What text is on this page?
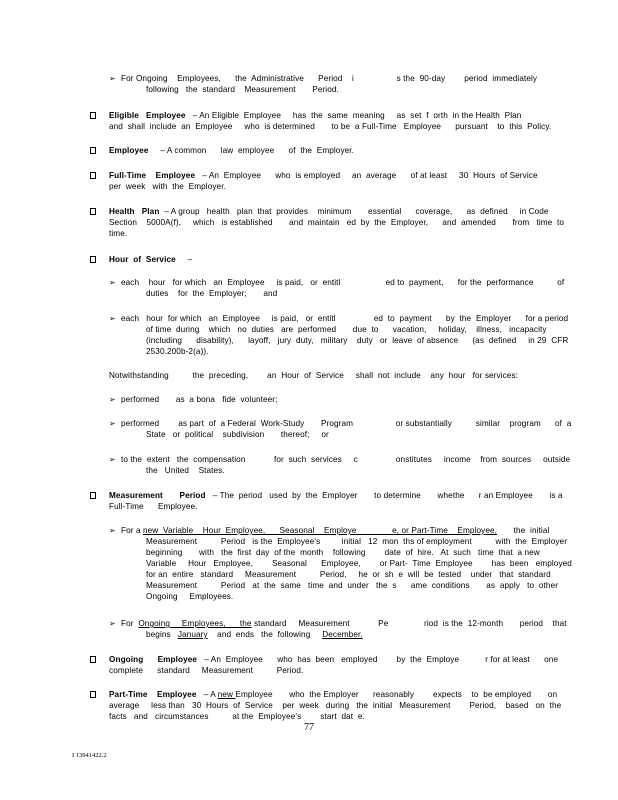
➢ For Ongoing    Employees,      the  Administrative      Period    i                  s the  90-day        period  immediately
following   the  standard    Measurement       Period.
Eligible   Employee – An Eligible  Employee     has  the  same  meaning     as  set  f  orth  in the Health  Plan
and  shall  include  an  Employee     who  is determined       to be  a Full-Time   Employee      pursuant    to  this  Policy.
Employee – A common      law  employee      of  the  Employer.
Full-Time    Employee – An  Employee      who  is employed     an  average      of at least     30  Hours  of Service
per  week   with  the  Employer.
Health   Plan – A group   health   plan  that  provides    minimum       essential      coverage,      as  defined     in Code
Section    5000A(f),     which   is established       and  maintain   ed  by  the  Employer,      and  amended       from   time  to
time.
Hour  of  Service –
➢ each    hour   for which   an  Employee     is paid,   or  entitl                   ed to  payment,      for the  performance          of
duties    for  the  Employer;       and
➢ each   hour  for which   an  Employee     is paid,   or  entitl                ed  to  payment      by  the  Employer      for a period
of time  during    which   no  duties   are  performed       due  to      vacation,     holiday,    illness,   incapacity
(including      disability),      layoff,   jury  duty,   military    duty   or  leave  of absence      (as  defined     in 29  CFR
2530.200b-2(a)).
Notwithstanding          the  preceding,        an  Hour  of  Service     shall  not  include    any  hour   for services:
➢ performed       as  a bona   fide  volunteer;
➢ performed        as part  of  a Federal  Work-Study       Program                  or substantially          similar    program      of  a
State   or  political    subdivision       thereof;     or
➢ to the  extent   the  compensation            for  such  services     c                onstitutes     income    from  sources     outside
the   United    States.
Measurement       Period – The  period   used  by  the  Employer       to determine       whethe      r an Employee       is a
Full-Time      Employee.
➢ For a new  Variable    Hour  Employee,      Seasonal    Employe               e, or Part-Time    Employee,       the  initial
Measurement          Period   is the  Employee's         initial   12  mon  ths of employment          with  the  Employer
beginning       with   the  first  day  of the  month    following        date  of  hire.   At  such   time  that  a new
Variable     Hour   Employee,        Seasonal      Employee,        or Part-  Time  Employee        has  been   employed
for an  entire   standard     Measurement          Period,     he  or  sh  e  will  be  tested    under   that  standard
Measurement          Period   at  the  same   time  and  under   the  s      ame  conditions       as  apply   to  other
Ongoing     Employees.
➢ For  Ongoing     Employees,      the standard     Measurement            Pe               riod  is the  12-month       period    that
begins   January    and  ends   the  following     December.
Ongoing      Employee – An  Employee      who  has  been   employed        by  the  Employe           r for at least      one
complete      standard     Measurement          Period.
Part-Time    Employee – A new Employee       who  the Employer      reasonably        expects    to  be employed       on
average     less than   30  Hours  of  Service    per  week   during   the  initial   Measurement        Period,    based   on  the
facts   and   circumstances          at the  Employee's        start  dat  e.
77
I 13941422.2
